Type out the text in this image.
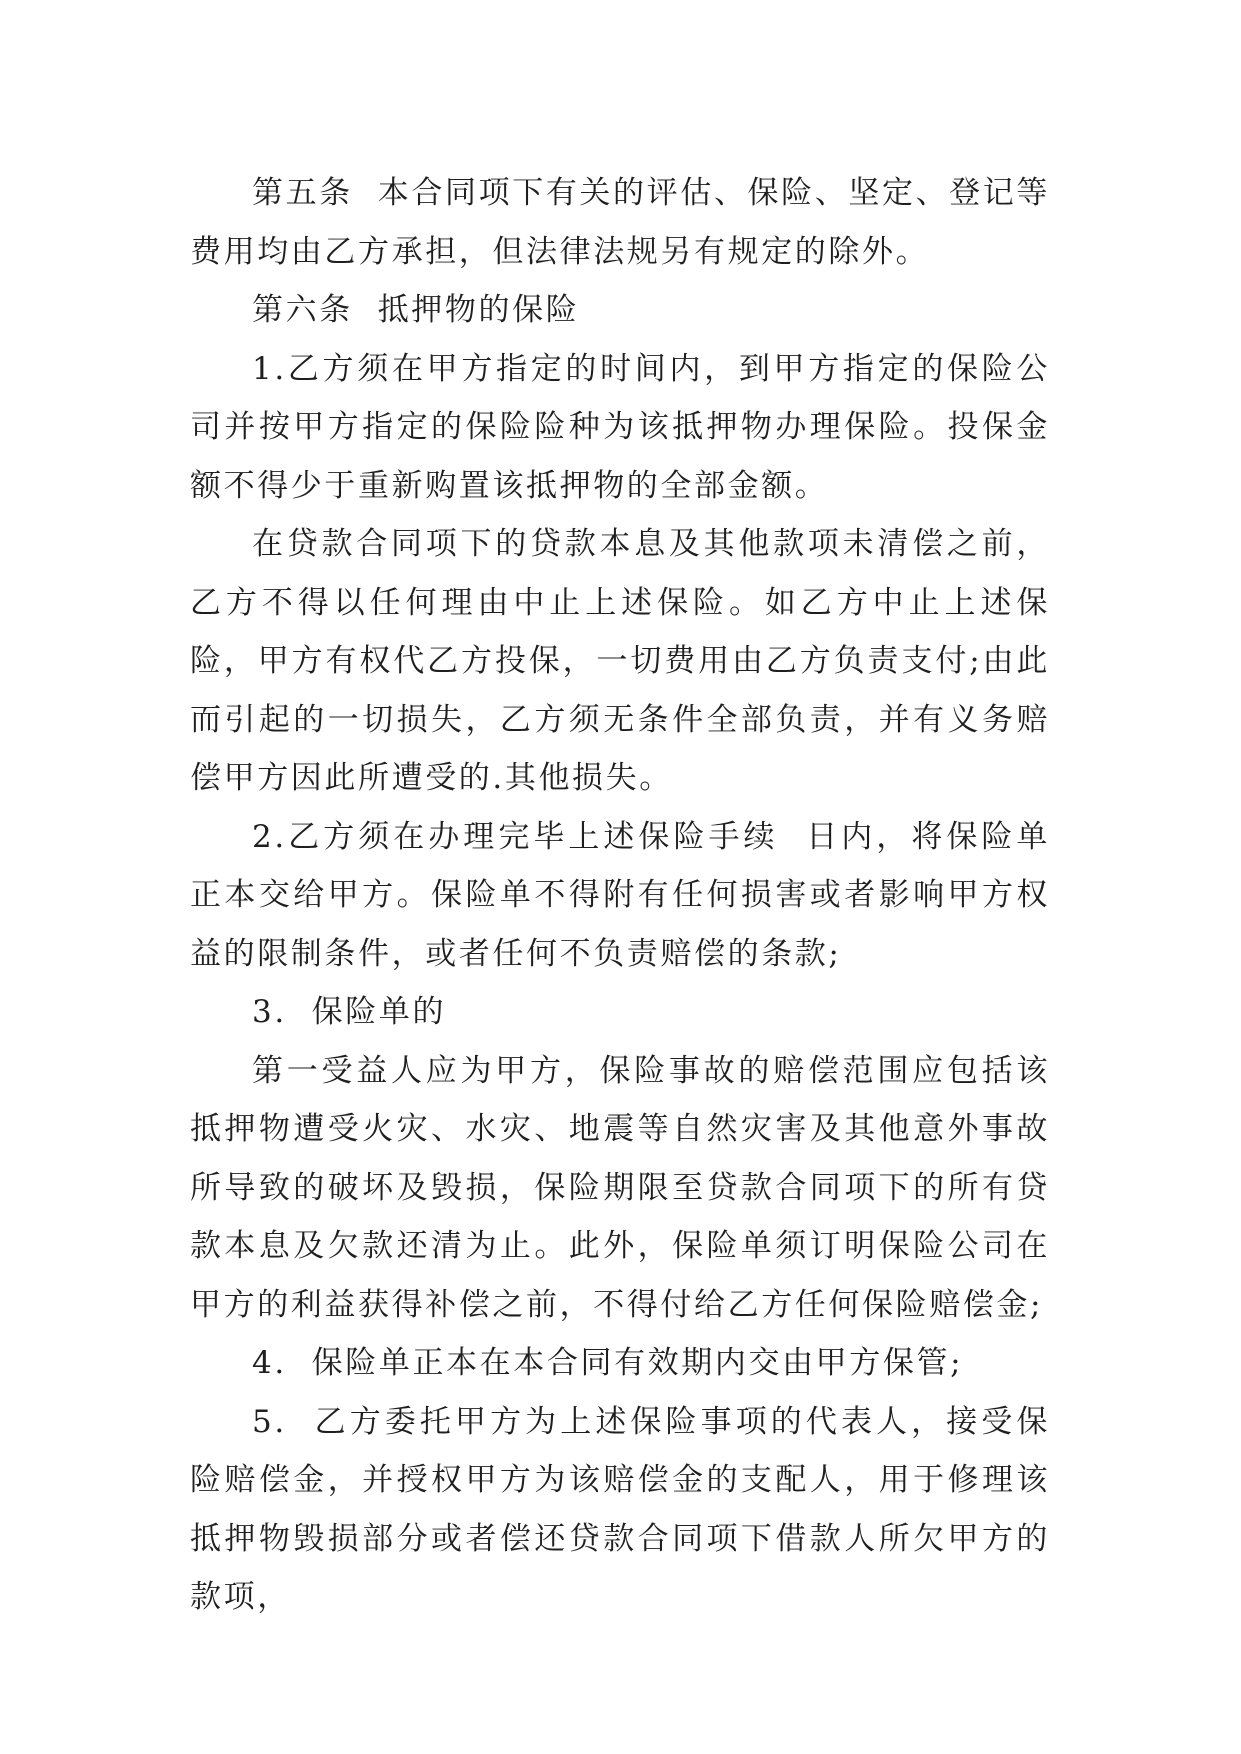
第五条  本合同项下有关的评估、保险、坚定、登记等费用均由乙方承担，但法律法规另有规定的除外。

第六条  抵押物的保险

1.乙方须在甲方指定的时间内，到甲方指定的保险公司并按甲方指定的保险险种为该抵押物办理保险。投保金额不得少于重新购置该抵押物的全部金额。

在贷款合同项下的贷款本息及其他款项未清偿之前，乙方不得以任何理由中止上述保险。如乙方中止上述保险，甲方有权代乙方投保，一切费用由乙方负责支付;由此而引起的一切损失，乙方须无条件全部负责，并有义务赔偿甲方因此所遭受的.其他损失。

2.乙方须在办理完毕上述保险手续  日内，将保险单正本交给甲方。保险单不得附有任何损害或者影响甲方权益的限制条件，或者任何不负责赔偿的条款;

3.  保险单的

第一受益人应为甲方，保险事故的赔偿范围应包括该抵押物遭受火灾、水灾、地震等自然灾害及其他意外事故所导致的破坏及毁损，保险期限至贷款合同项下的所有贷款本息及欠款还清为止。此外，保险单须订明保险公司在甲方的利益获得补偿之前，不得付给乙方任何保险赔偿金;

4.  保险单正本在本合同有效期内交由甲方保管;

5.  乙方委托甲方为上述保险事项的代表人，接受保险赔偿金，并授权甲方为该赔偿金的支配人，用于修理该抵押物毁损部分或者偿还贷款合同项下借款人所欠甲方的款项，
